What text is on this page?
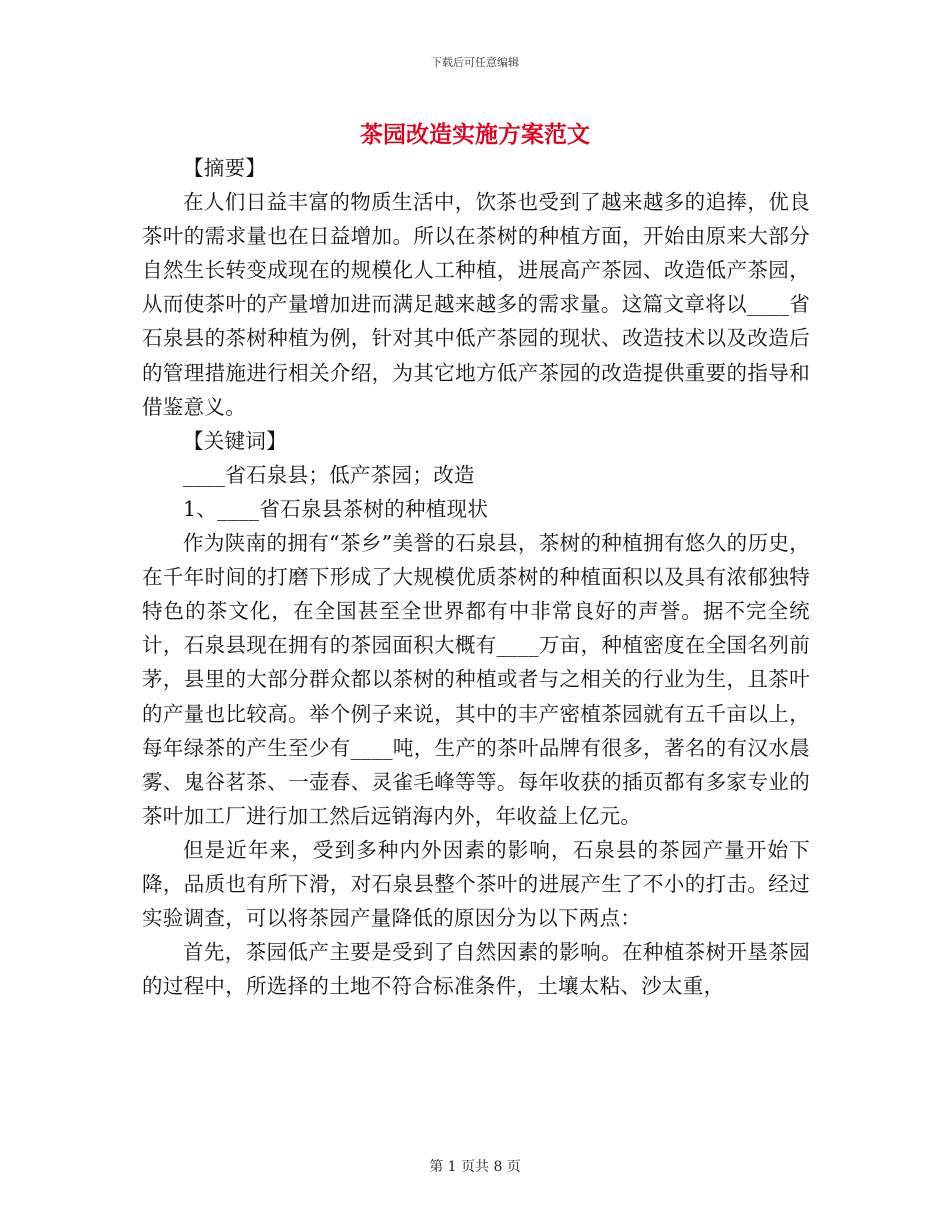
下载后可任意编辑
茶园改造实施方案范文

【摘要】

在人们日益丰富的物质生活中，饮茶也受到了越来越多的追捧，优良茶叶的需求量也在日益增加。所以在茶树的种植方面，开始由原来大部分自然生长转变成现在的规模化人工种植，进展高产茶园、改造低产茶园，从而使茶叶的产量增加进而满足越来越多的需求量。这篇文章将以____省石泉县的茶树种植为例，针对其中低产茶园的现状、改造技术以及改造后的管理措施进行相关介绍，为其它地方低产茶园的改造提供重要的指导和借鉴意义。

【关键词】

____省石泉县；低产茶园；改造

1、____省石泉县茶树的种植现状

作为陕南的拥有“茶乡”美誉的石泉县，茶树的种植拥有悠久的历史，在千年时间的打磨下形成了大规模优质茶树的种植面积以及具有浓郁独特特色的茶文化，在全国甚至全世界都有中非常良好的声誉。据不完全统计，石泉县现在拥有的茶园面积大概有____万亩，种植密度在全国名列前茅，县里的大部分群众都以茶树的种植或者与之相关的行业为生，且茶叶的产量也比较高。举个例子来说，其中的丰产密植茶园就有五千亩以上，每年绿茶的产生至少有____吨，生产的茶叶品牌有很多，著名的有汉水晨雾、鬼谷茗茶、一壶春、灵雀毛峰等等。每年收获的插页都有多家专业的茶叶加工厂进行加工然后远销海内外，年收益上亿元。

但是近年来，受到多种内外因素的影响，石泉县的茶园产量开始下降，品质也有所下滑，对石泉县整个茶叶的进展产生了不小的打击。经过实验调查，可以将茶园产量降低的原因分为以下两点：

首先，茶园低产主要是受到了自然因素的影响。在种植茶树开垦茶园的过程中，所选择的土地不符合标准条件，土壤太粘、沙太重，

第 1 页共 8 页
